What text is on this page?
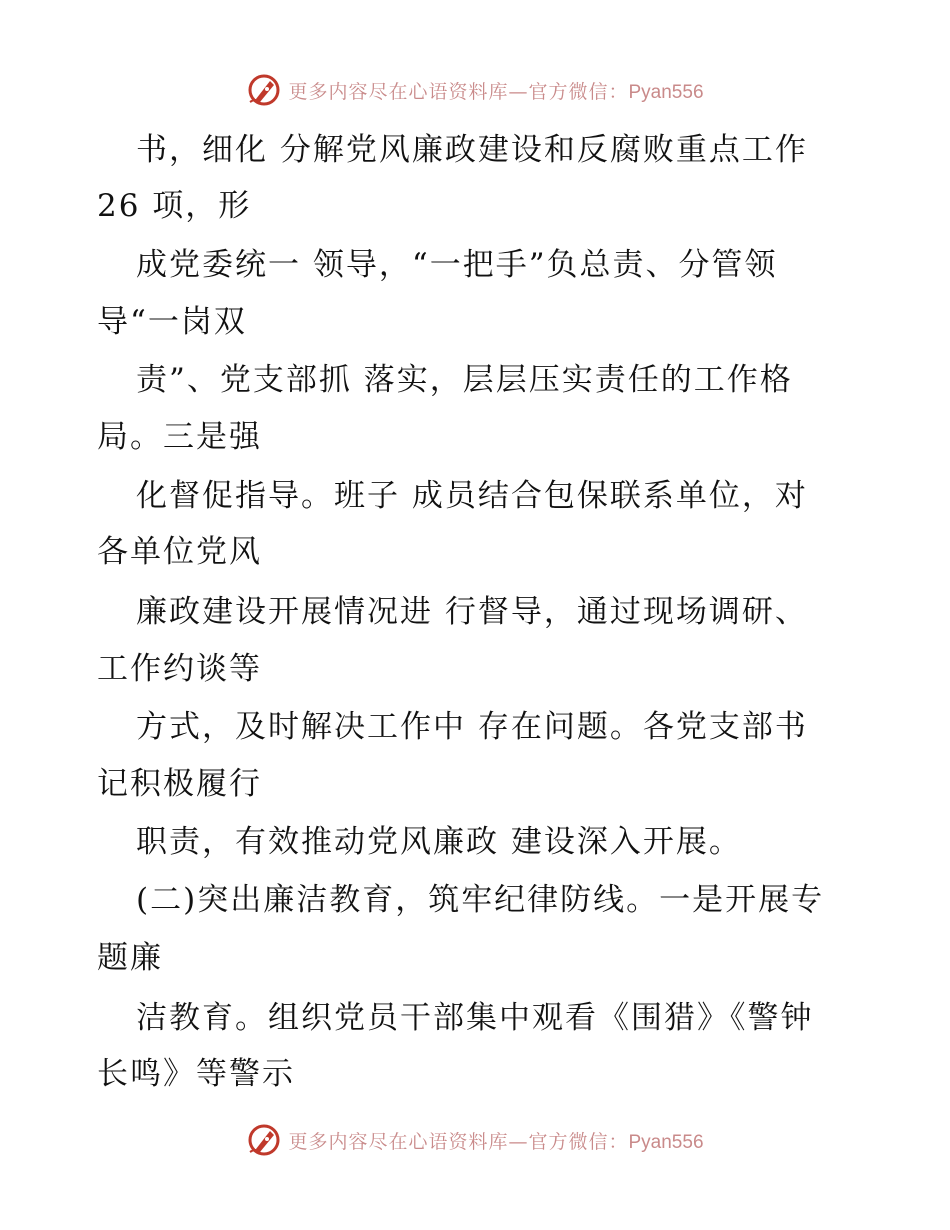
更多内容尽在心语资料库—官方微信：Pyan556
书，细化 分解党风廉政建设和反腐败重点工作
26 项，形
成党委统一 领导，“一把手”负总责、分管领
导“一岗双
责”、党支部抓 落实，层层压实责任的工作格
局。三是强
化督促指导。班子 成员结合包保联系单位，对
各单位党风
廉政建设开展情况进 行督导，通过现场调研、
工作约谈等
方式，及时解决工作中 存在问题。各党支部书
记积极履行
职责，有效推动党风廉政 建设深入开展。
(二)突出廉洁教育，筑牢纪律防线。一是开展专
题廉
洁教育。组织党员干部集中观看《围猎》《警钟
长鸣》等警示
更多内容尽在心语资料库—官方微信：Pyan556
